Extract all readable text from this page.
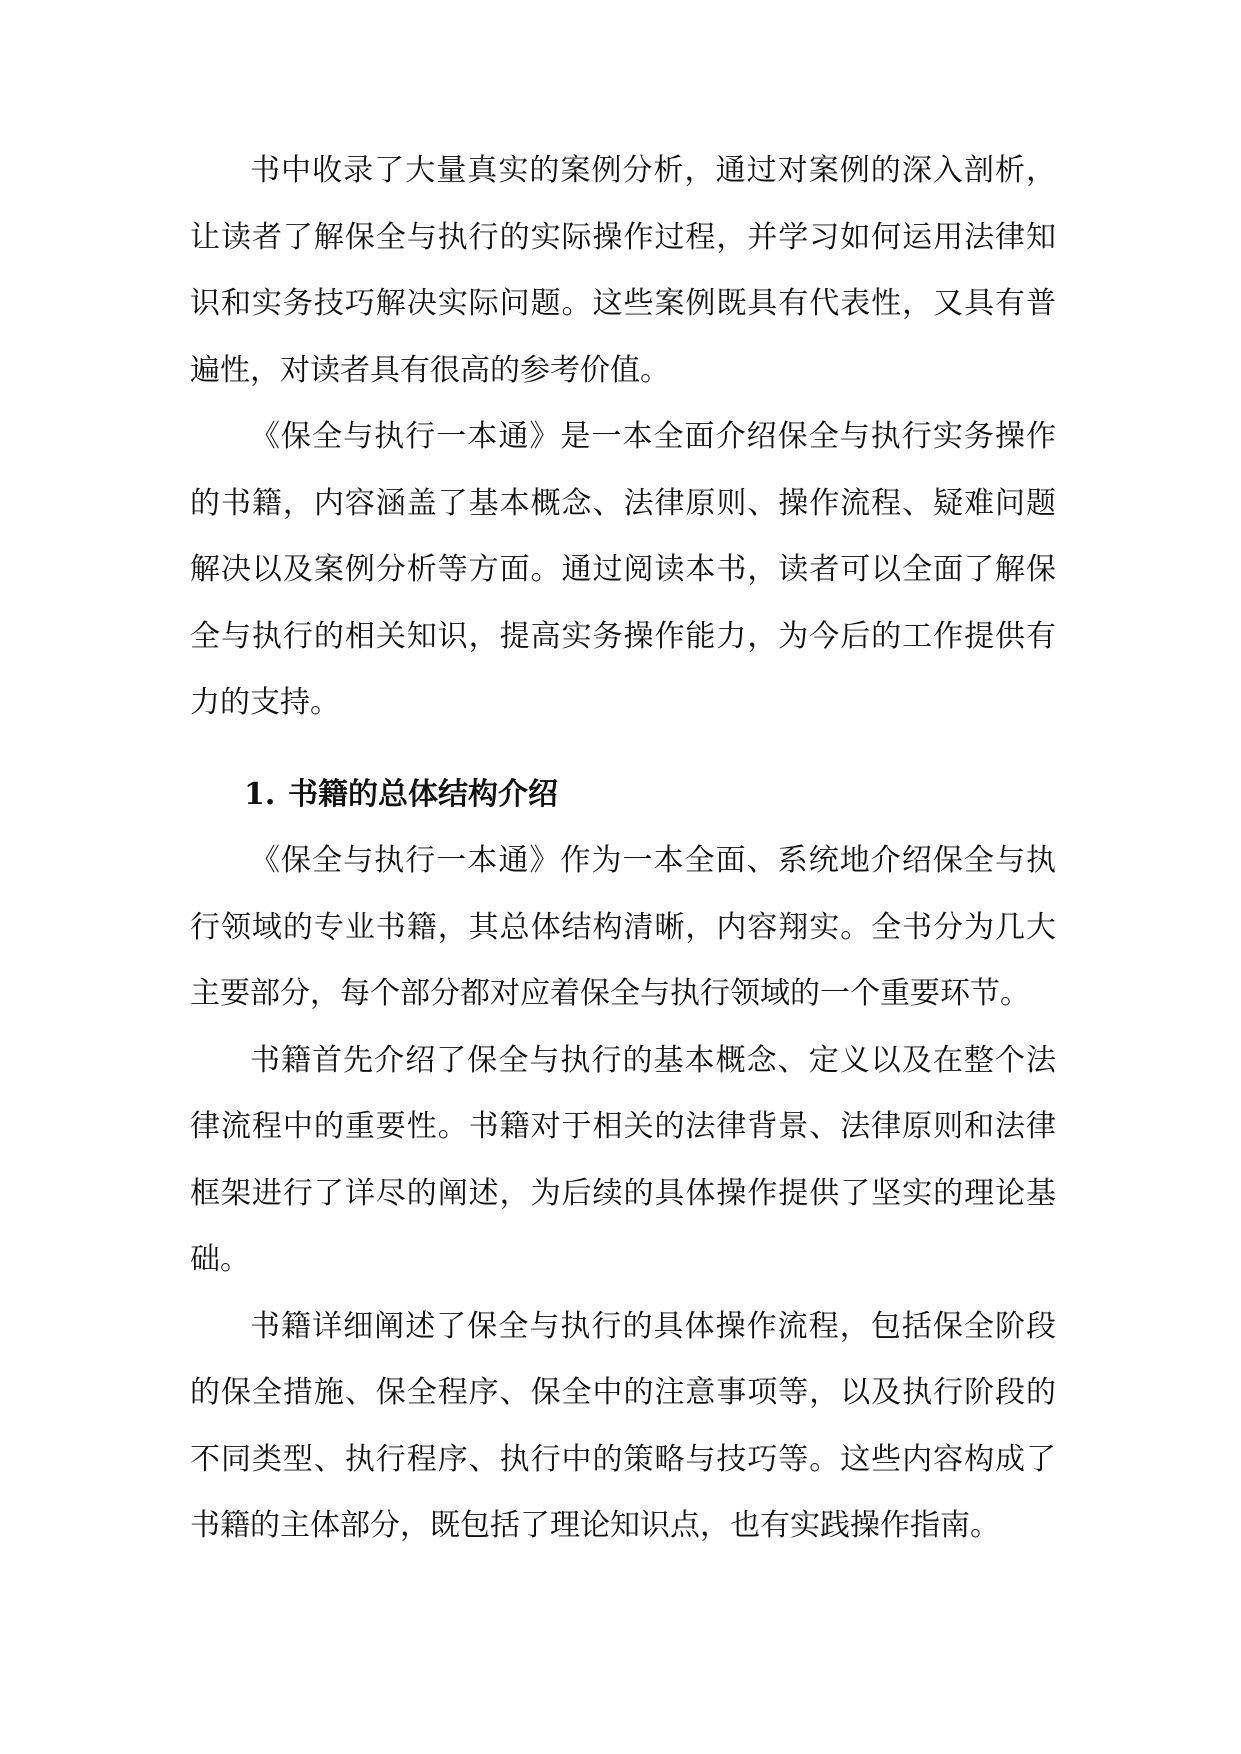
书中收录了大量真实的案例分析，通过对案例的深入剖析，让读者了解保全与执行的实际操作过程，并学习如何运用法律知识和实务技巧解决实际问题。这些案例既具有代表性，又具有普遍性，对读者具有很高的参考价值。

《保全与执行一本通》是一本全面介绍保全与执行实务操作的书籍，内容涵盖了基本概念、法律原则、操作流程、疑难问题解决以及案例分析等方面。通过阅读本书，读者可以全面了解保全与执行的相关知识，提高实务操作能力，为今后的工作提供有力的支持。

1. 书籍的总体结构介绍

《保全与执行一本通》作为一本全面、系统地介绍保全与执行领域的专业书籍，其总体结构清晰，内容翔实。全书分为几大主要部分，每个部分都对应着保全与执行领域的一个重要环节。

书籍首先介绍了保全与执行的基本概念、定义以及在整个法律流程中的重要性。书籍对于相关的法律背景、法律原则和法律框架进行了详尽的阐述，为后续的具体操作提供了坚实的理论基础。

书籍详细阐述了保全与执行的具体操作流程，包括保全阶段的保全措施、保全程序、保全中的注意事项等，以及执行阶段的不同类型、执行程序、执行中的策略与技巧等。这些内容构成了书籍的主体部分，既包括了理论知识点，也有实践操作指南。
